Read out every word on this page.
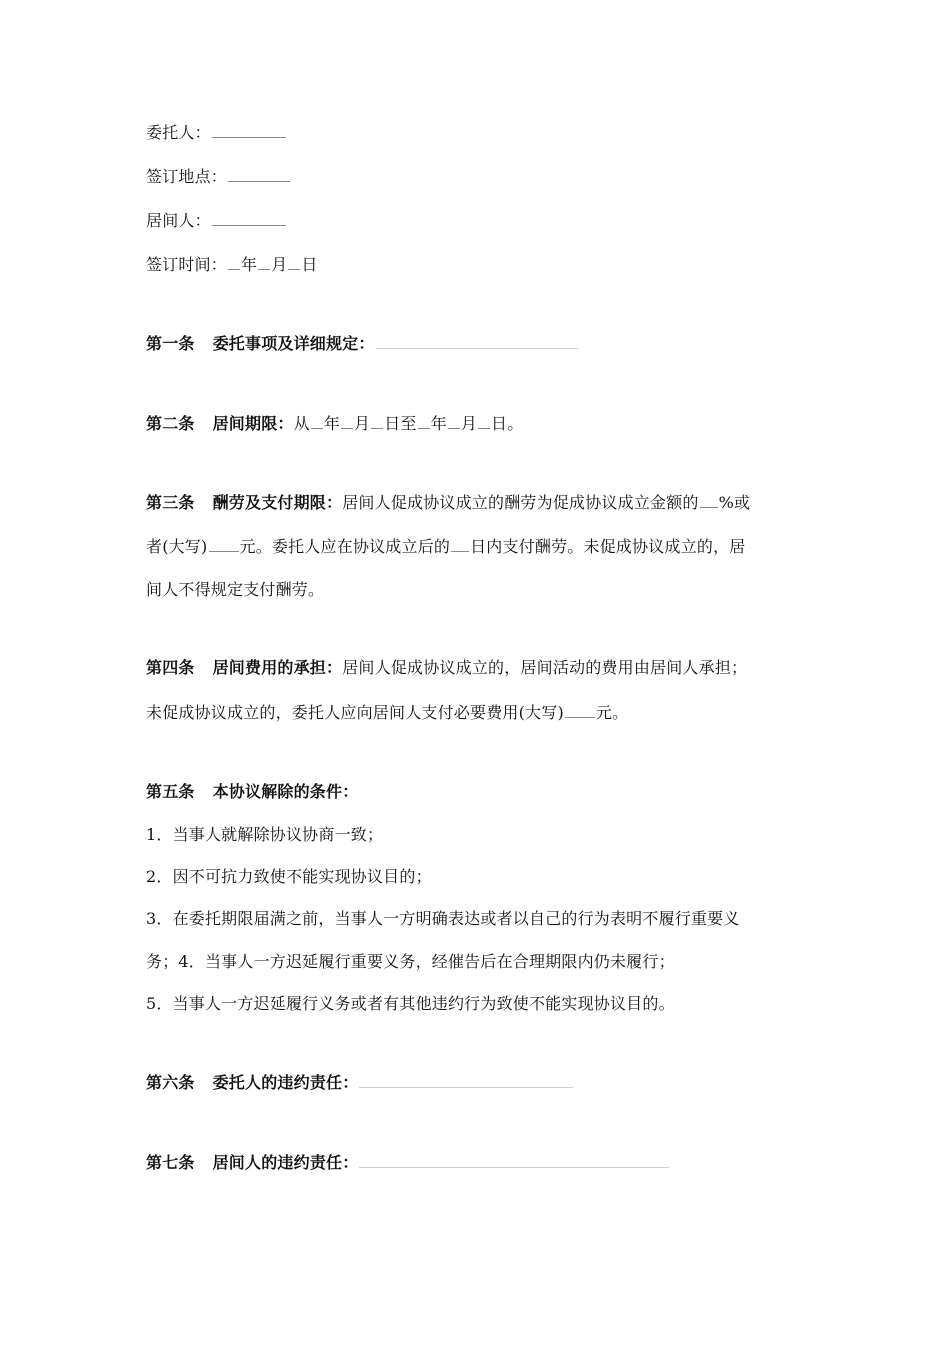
委托人：
签订地点：
居间人：
签订时间： 年 月 日
第一条 委托事项及详细规定：
第二条 居间期限：从 年 月 日至 年 月 日。
第三条 酬劳及支付期限：居间人促成协议成立的酬劳为促成协议成立金额的 %或
者(大写) 元。委托人应在协议成立后的 日内支付酬劳。未促成协议成立的，居
间人不得规定支付酬劳。
第四条 居间费用的承担：居间人促成协议成立的，居间活动的费用由居间人承担；
未促成协议成立的，委托人应向居间人支付必要费用(大写) 元。
第五条 本协议解除的条件：
1．当事人就解除协议协商一致；
2．因不可抗力致使不能实现协议目的；
3．在委托期限届满之前，当事人一方明确表达或者以自己的行为表明不履行重要义
务；4．当事人一方迟延履行重要义务，经催告后在合理期限内仍未履行；
5．当事人一方迟延履行义务或者有其他违约行为致使不能实现协议目的。
第六条 委托人的违约责任：
第七条 居间人的违约责任：
